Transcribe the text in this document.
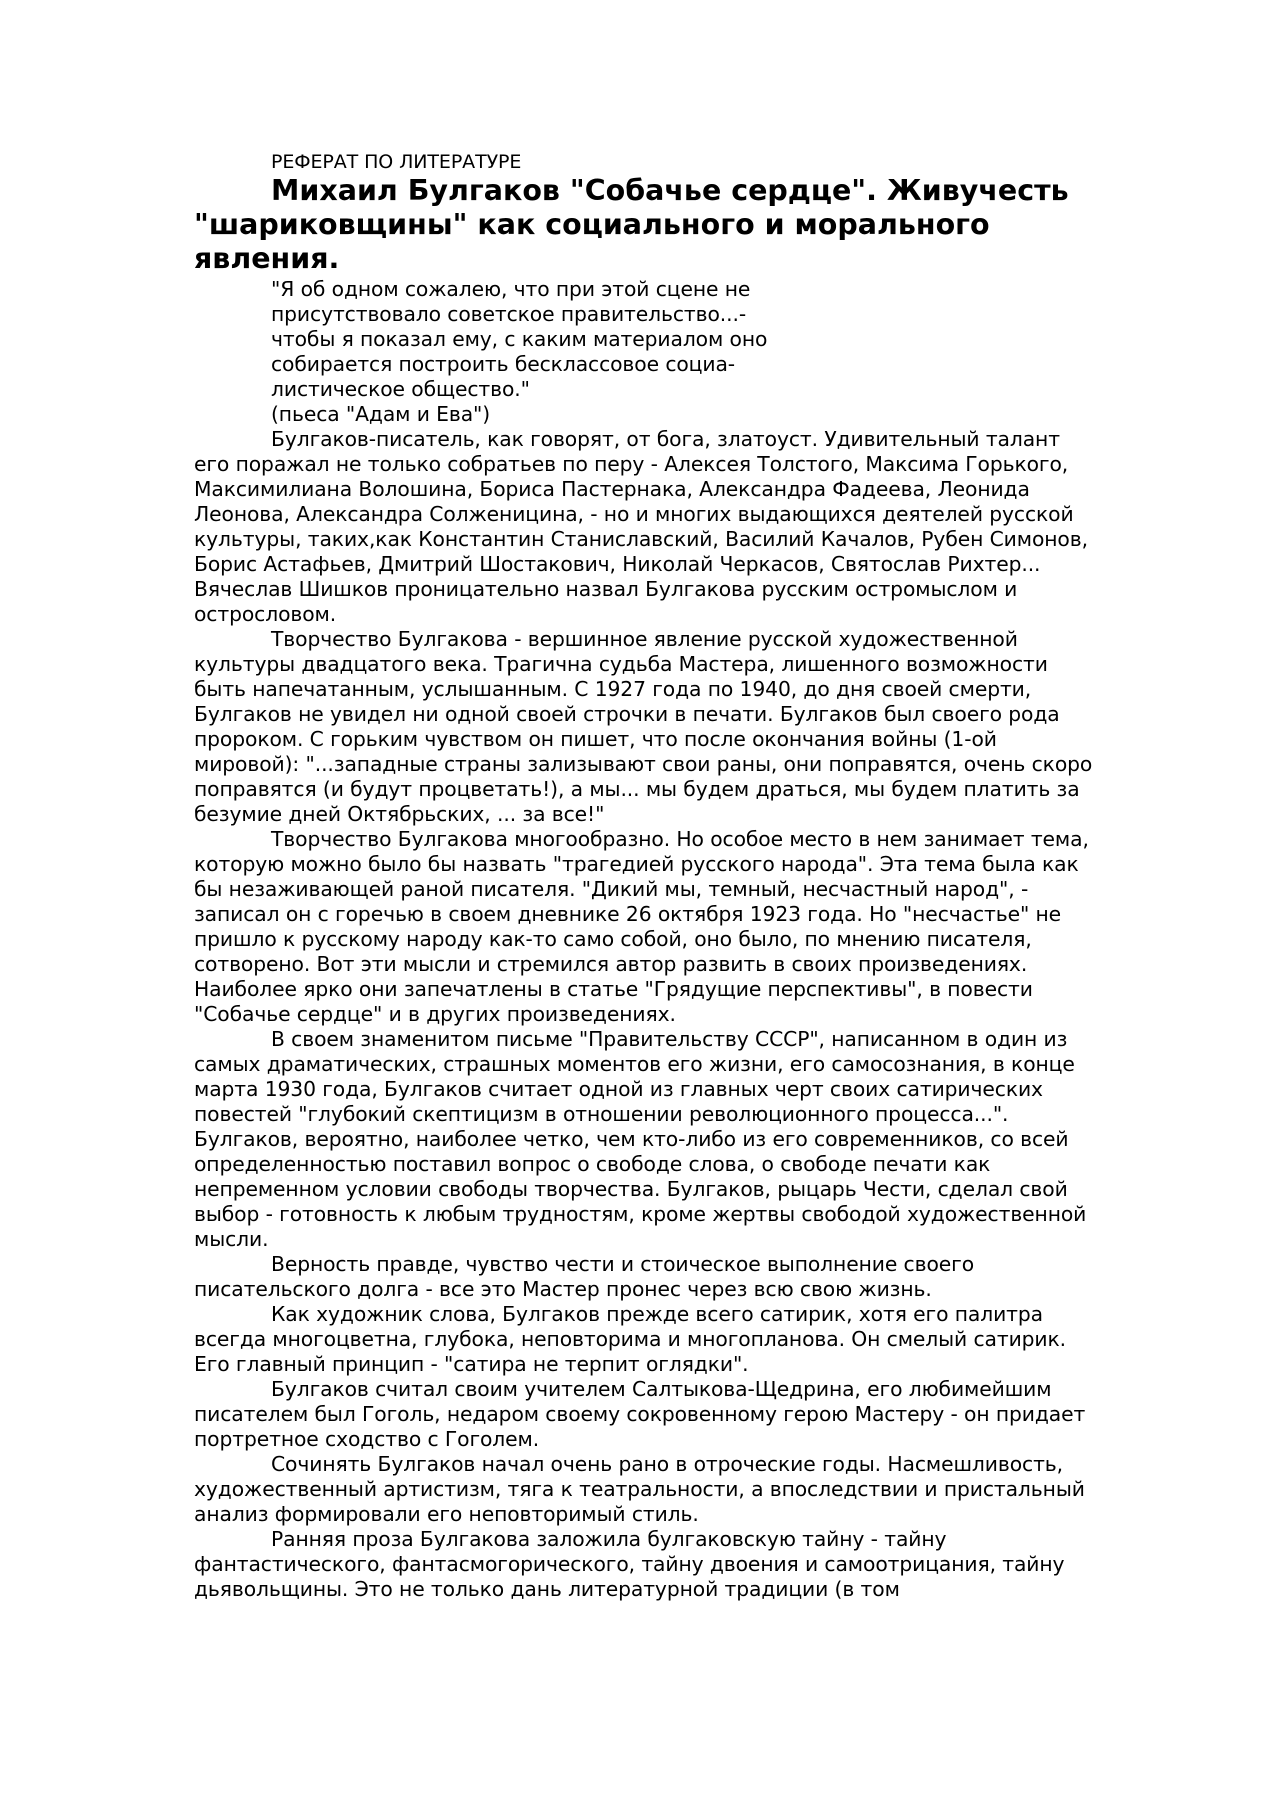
РЕФЕРАТ ПО ЛИТЕРАТУРЕ
Михаил Булгаков "Собачье сердце". Живучесть "шариковщины" как социального и морального явления.

"Я об одном сожалею, что при этой сцене не

присутствовало советское правительство...-

чтобы я показал ему, с каким материалом оно

собирается построить бесклассовое социа-

листическое общество."

(пьеса "Адам и Ева")

Булгаков-писатель, как говорят, от бога, златоуст. Удивительный талант его поражал не только собратьев по перу - Алексея Толстого, Максима Горького, Максимилиана Волошина, Бориса Пастернака, Александра Фадеева, Леонида Леонова, Александра Солженицина, - но и многих выдающихся деятелей русской культуры, таких,как Константин Станиславский, Василий Качалов, Рубен Симонов, Борис Астафьев, Дмитрий Шостакович, Николай Черкасов, Святослав Рихтер... Вячеслав Шишков проницательно назвал Булгакова русским остромыслом и острословом.

Творчество Булгакова - вершинное явление русской художественной культуры двадцатого века. Трагична судьба Мастера, лишенного возможности быть напечатанным, услышанным. С 1927 года по 1940, до дня своей смерти, Булгаков не увидел ни одной своей строчки в печати. Булгаков был своего рода пророком. С горьким чувством он пишет, что после окончания войны (1-ой мировой): "...западные страны зализывают свои раны, они поправятся, очень скоро поправятся (и будут процветать!), а мы... мы будем драться, мы будем платить за безумие дней Октябрьских, ... за все!"

Творчество Булгакова многообразно. Но особое место в нем занимает тема, которую можно было бы назвать "трагедией русского народа". Эта тема была как бы незаживающей раной писателя. "Дикий мы, темный, несчастный народ", - записал он с горечью в своем дневнике 26 октября 1923 года. Но "несчастье" не пришло к русскому народу как-то само собой, оно было, по мнению писателя, сотворено. Вот эти мысли и стремился автор развить в своих произведениях. Наиболее ярко они запечатлены в статье "Грядущие перспективы", в повести "Собачье сердце" и в других произведениях.

В своем знаменитом письме "Правительству СССР", написанном в один из самых драматических, страшных моментов его жизни, его самосознания, в конце марта 1930 года, Булгаков считает одной из главных черт своих сатирических повестей "глубокий скептицизм в отношении революционного процесса...". Булгаков, вероятно, наиболее четко, чем кто-либо из его современников, со всей определенностью поставил вопрос о свободе слова, о свободе печати как непременном условии свободы творчества. Булгаков, рыцарь Чести, сделал свой выбор - готовность к любым трудностям, кроме жертвы свободой художественной мысли.

Верность правде, чувство чести и стоическое выполнение своего писательского долга - все это Мастер пронес через всю свою жизнь.

Как художник слова, Булгаков прежде всего сатирик, хотя его палитра всегда многоцветна, глубока, неповторима и многопланова. Он смелый сатирик. Его главный принцип - "сатира не терпит оглядки".

Булгаков считал своим учителем Салтыкова-Щедрина, его любимейшим писателем был Гоголь, недаром своему сокровенному герою Мастеру - он придает портретное сходство с Гоголем.

Сочинять Булгаков начал очень рано в отроческие годы. Насмешливость, художественный артистизм, тяга к театральности, а впоследствии и пристальный анализ формировали его неповторимый стиль.

Ранняя проза Булгакова заложила булгаковскую тайну - тайну фантастического, фантасмогорического, тайну двоения и самоотрицания, тайну дьявольщины. Это не только дань литературной традиции (в том
